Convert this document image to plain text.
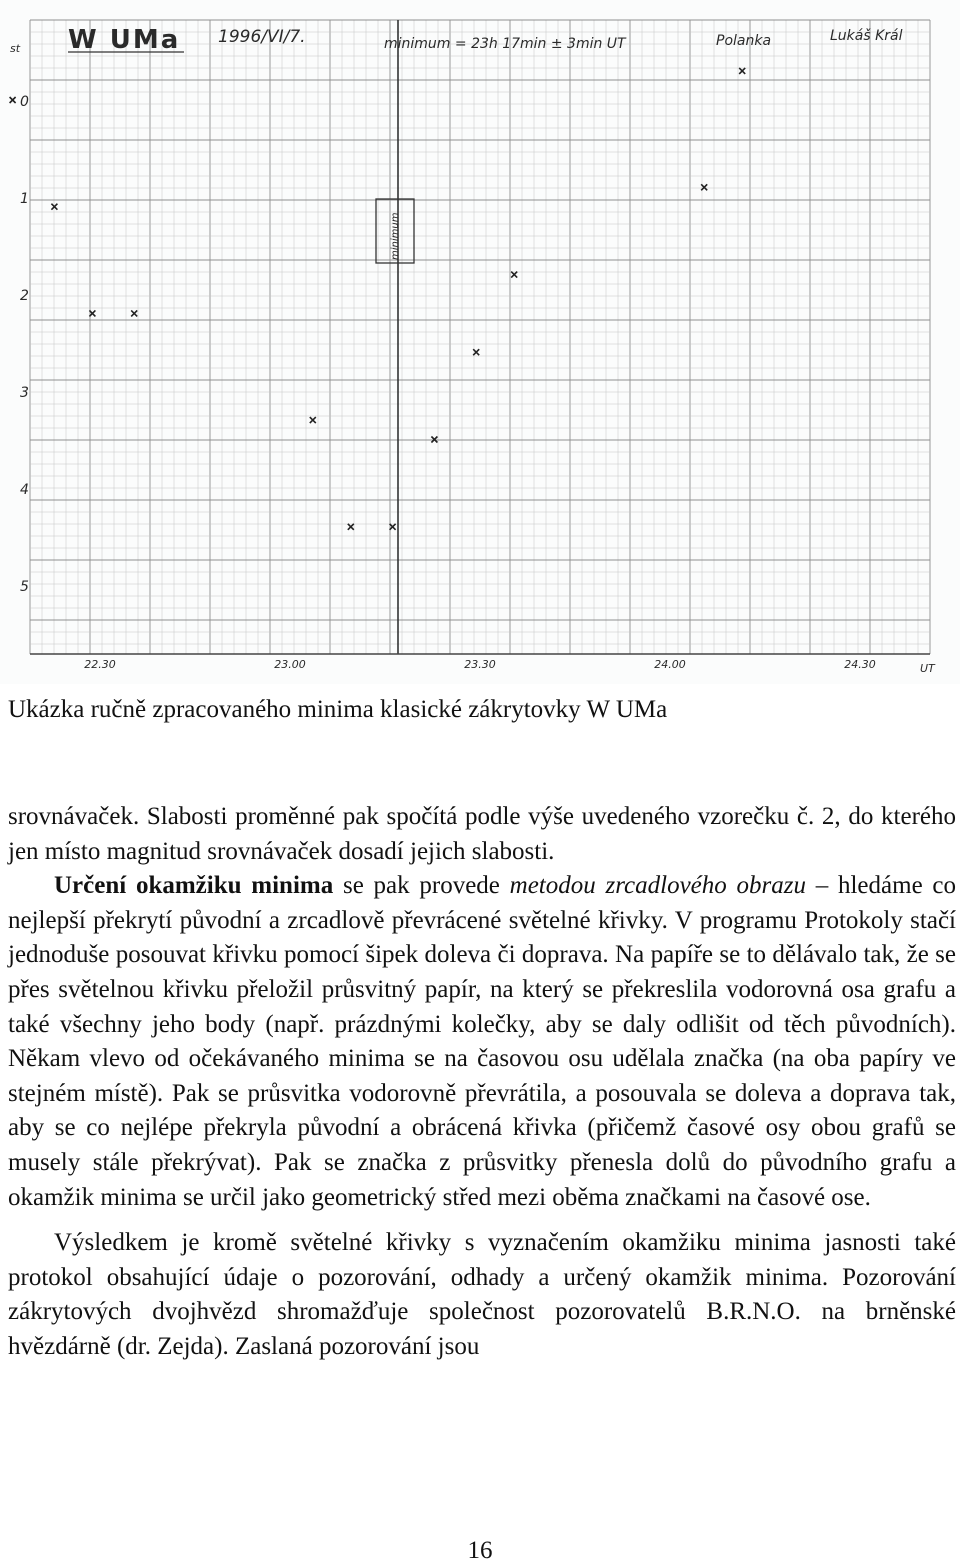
W UMa 1996/VI/7.	minimum = 23h 17min ± 3min UT	Polanka	Lukáš Král
st
UT
0
1
2
3
4
5
22.30	23.00	23.30	24.00	24.30
minimum
Ukázka ručně zpracovaného minima klasické zákrytovky W UMa

srovnávaček. Slabosti proměnné pak spočítá podle výše uvedeného vzorečku č. 2, do kterého jen místo magnitud srovnávaček dosadí jejich slabosti.

Určení okamžiku minima se pak provede metodou zrcadlového obrazu – hledáme co nejlepší překrytí původní a zrcadlově převrácené světelné křivky. V programu Protokoly stačí jednoduše posouvat křivku pomocí šipek doleva či doprava. Na papíře se to dělávalo tak, že se přes světelnou křivku přeložil průsvitný papír, na který se překreslila vodorovná osa grafu a také všechny jeho body (např. prázdnými kolečky, aby se daly odlišit od těch původních). Někam vlevo od očekávaného minima se na časovou osu udělala značka (na oba papíry ve stejném místě). Pak se průsvitka vodorovně převrátila, a posouvala se doleva a doprava tak, aby se co nejlépe překryla původní a obrácená křivka (přičemž časové osy obou grafů se musely stále překrývat). Pak se značka z průsvitky přenesla dolů do původního grafu a okamžik minima se určil jako geometrický střed mezi oběma značkami na časové ose.

Výsledkem je kromě světelné křivky s vyznačením okamžiku minima jasnosti také protokol obsahující údaje o pozorování, odhady a určený okamžik minima. Pozorování zákrytových dvojhvězd shromažďuje společnost pozorovatelů B.R.N.O. na brněnské hvězdárně (dr. Zejda). Zaslaná pozorování jsou

16
